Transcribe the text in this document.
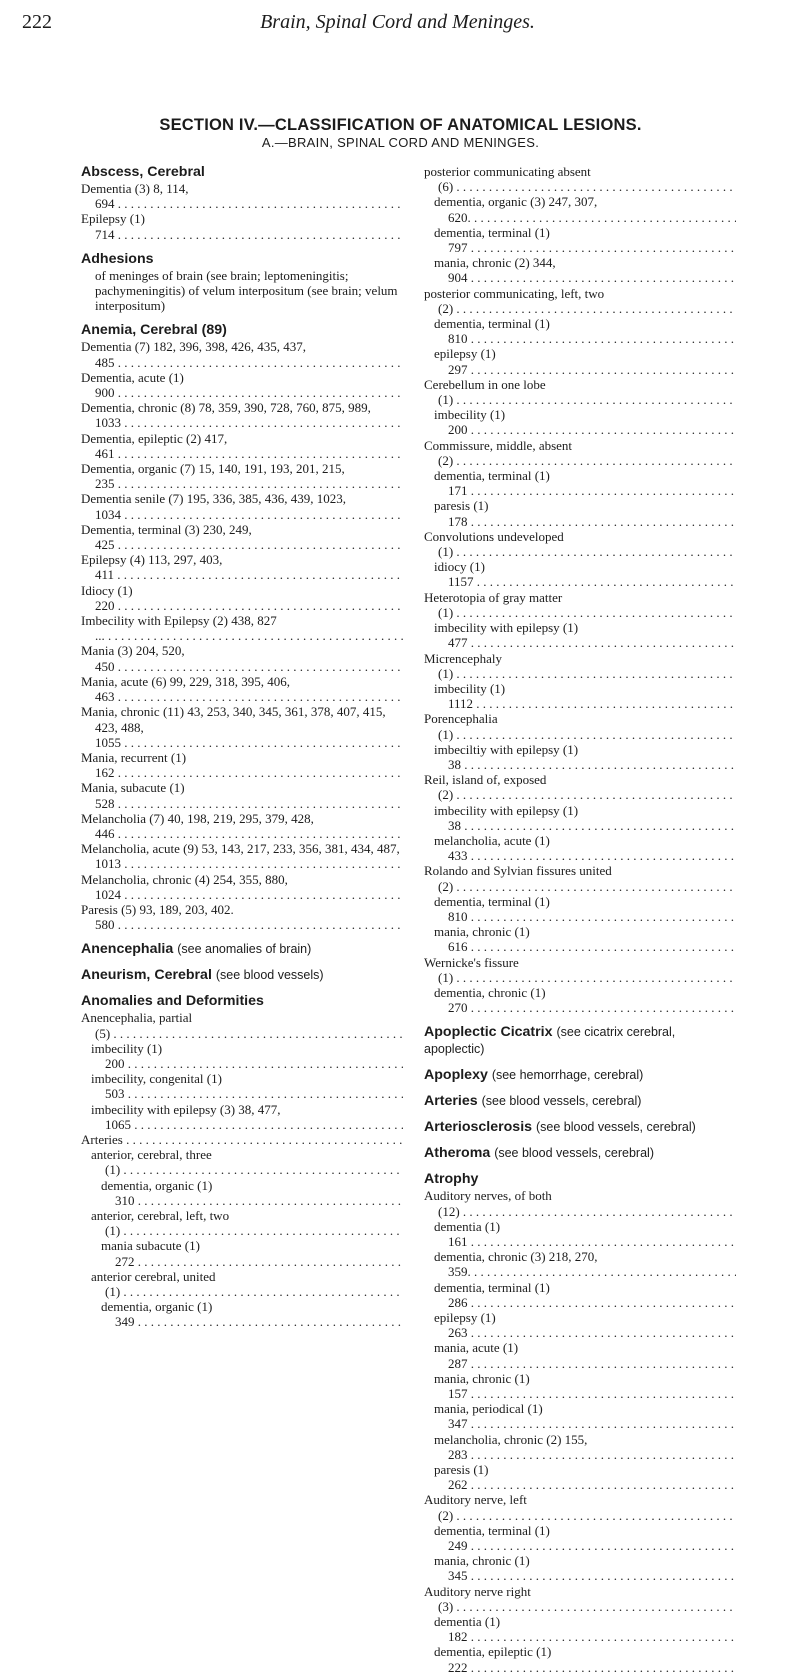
222	Brain, Spinal Cord and Meninges.
SECTION IV.—CLASSIFICATION OF ANATOMICAL LESIONS.
A.—BRAIN, SPINAL CORD AND MENINGES.
Abscess, Cerebral
Dementia (3) 8, 114, 694 . . .
Epilepsy (1) 714 . . .
Adhesions
of meninges of brain (see brain; leptomeningitis; pachymeningitis) of velum interpositum (see brain; velum interpositum)
Anemia, Cerebral (89)
Dementia (7) 182, 396, 398, 426, 435, 437, 485 . . .
Dementia, acute (1) 900 . . .
Dementia, chronic (8) 78, 359, 390, 728, 760, 875, 989, 1033 . . .
Dementia, epileptic (2) 417, 461 . . .
Dementia, organic (7) 15, 140, 191, 193, 201, 215, 235 . . .
Dementia senile (7) 195, 336, 385, 436, 439, 1023, 1034 . . .
Dementia, terminal (3) 230, 249, 425 . . .
Epilepsy (4) 113, 297, 403, 411 . . .
Idiocy (1) 220 . . .
Imbecility with Epilepsy (2) 438, 827 ... . . .
Mania (3) 204, 520, 450 . . .
Mania, acute (6) 99, 229, 318, 395, 406, 463 . . .
Mania, chronic (11) 43, 253, 340, 345, 361, 378, 407, 415, 423, 488, 1055 . . .
Mania, recurrent (1) 162 . . .
Mania, subacute (1) 528 . . .
Melancholia (7) 40, 198, 219, 295, 379, 428, 446 . . .
Melancholia, acute (9) 53, 143, 217, 233, 356, 381, 434, 487, 1013 . . .
Melancholia, chronic (4) 254, 355, 880, 1024 . . .
Paresis (5) 93, 189, 203, 402. 580 . . .
Anencephalia (see anomalies of brain)
Aneurism, Cerebral (see blood vessels)
Anomalies and Deformities
Anencephalia, partial (5) . . .
imbecility (1) 200 . . .
imbecility, congenital (1) 503 . . .
imbecility with epilepsy (3) 38, 477, 1065 . . .
Arteries . . .
anterior, cerebral, three (1) . . .
dementia, organic (1) 310 . . .
anterior, cerebral, left, two (1) . . .
mania subacute (1) 272 . . .
anterior cerebral, united (1) . . .
dementia, organic (1) 349 . . .
posterior communicating absent (6) . . .
dementia, organic (3) 247, 307, 620. . . .
dementia, terminal (1) 797 . . .
mania, chronic (2) 344, 904 . . .
posterior communicating, left, two (2) . . .
dementia, terminal (1) 810 . . .
epilepsy (1) 297 . . .
Cerebellum in one lobe (1) . . .
imbecility (1) 200 . . .
Commissure, middle, absent (2) . . .
dementia, terminal (1) 171 . . .
paresis (1) 178 . . .
Convolutions undeveloped (1) . . .
idiocy (1) 1157 . . .
Heterotopia of gray matter (1) . . .
imbecility with epilepsy (1) 477 . . .
Micrencephaly (1) . . .
imbecility (1) 1112 . . .
Porencephalia (1) . . .
imbeciltiy with epilepsy (1) 38 . . .
Reil, island of, exposed (2) . . .
imbecility with epilepsy (1) 38 . . .
melancholia, acute (1) 433 . . .
Rolando and Sylvian fissures united (2) . . .
dementia, terminal (1) 810 . . .
mania, chronic (1) 616 . . .
Wernicke's fissure (1) . . .
dementia, chronic (1) 270 . . .
Apoplectic Cicatrix (see cicatrix cerebral, apoplectic)
Apoplexy (see hemorrhage, cerebral)
Arteries (see blood vessels, cerebral)
Arteriosclerosis (see blood vessels, cerebral)
Atheroma (see blood vessels, cerebral)
Atrophy
Auditory nerves, of both (12) . . .
dementia (1) 161 . . .
dementia, chronic (3) 218, 270, 359. . . .
dementia, terminal (1) 286 . . .
epilepsy (1) 263 . . .
mania, acute (1) 287 . . .
mania, chronic (1) 157 . . .
mania, periodical (1) 347 . . .
melancholia, chronic (2) 155, 283 . . .
paresis (1) 262 . . .
Auditory nerve, left (2) . . .
dementia, terminal (1) 249 . . .
mania, chronic (1) 345 . . .
Auditory nerve right (3) . . .
dementia (1) 182 . . .
dementia, epileptic (1) 222 . . .
